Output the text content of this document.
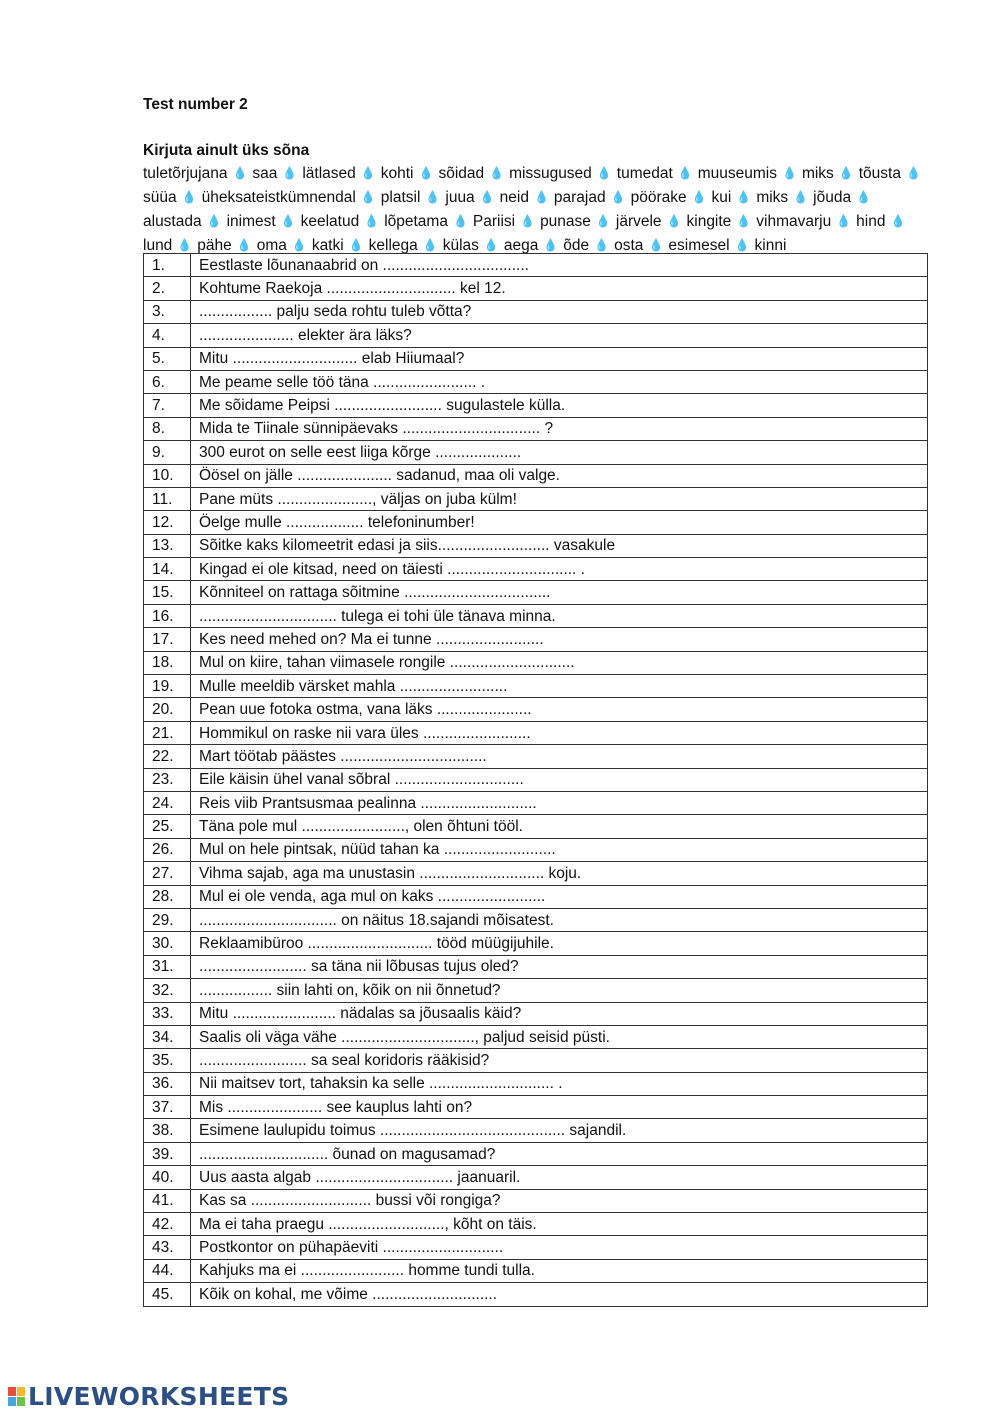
Test number 2
Kirjuta ainult üks sõna
tuletõrjujana 💧 saa 💧 lätlased 💧 kohti 💧 sõidad 💧 missugused 💧 tumedat 💧 muuseumis 💧 miks 💧 tõusta 💧
süüa 💧 üheksateistkümnendal 💧 platsil 💧 juua 💧 neid 💧 parajad 💧 pöörake 💧 kui 💧 miks 💧 jõuda 💧
alustada 💧 inimest 💧 keelatud 💧 lõpetama 💧 Pariisi 💧 punase 💧 järvele 💧 kingite 💧 vihmavarju 💧 hind 💧
lund 💧 pähe 💧 oma 💧 katki 💧 kellega 💧 külas 💧 aega 💧 õde 💧 osta 💧 esimesel 💧 kinni
1.	Eestlaste lõunanaabrid on ..................................
2.	Kohtume Raekoja .............................. kel 12.
3.	................. palju seda rohtu tuleb võtta?
4.	...................... elekter ära läks?
5.	Mitu ............................. elab Hiiumaal?
6.	Me peame selle töö täna ........................ .
7.	Me sõidame Peipsi ......................... sugulastele külla.
8.	Mida te Tiinale sünnipäevaks ................................ ?
9.	300 eurot on selle eest liiga kõrge ....................
10.	Öösel on jälle ...................... sadanud, maa oli valge.
11.	Pane müts ......................, väljas on juba külm!
12.	Öelge mulle .................. telefoninumber!
13.	Sõitke kaks kilomeetrit edasi ja siis.......................... vasakule
14.	Kingad ei ole kitsad, need on täiesti .............................. .
15.	Kõnniteel on rattaga sõitmine ..................................
16.	................................ tulega ei tohi üle tänava minna.
17.	Kes need mehed on? Ma ei tunne .........................
18.	Mul on kiire, tahan viimasele rongile .............................
19.	Mulle meeldib värsket mahla .........................
20.	Pean uue fotoka ostma, vana läks ......................
21.	Hommikul on raske nii vara üles .........................
22.	Mart töötab päästes ..................................
23.	Eile käisin ühel vanal sõbral ..............................
24.	Reis viib Prantsusmaa pealinna ...........................
25.	Täna pole mul ........................, olen õhtuni tööl.
26.	Mul on hele pintsak, nüüd tahan ka ..........................
27.	Vihma sajab, aga ma unustasin ............................. koju.
28.	Mul ei ole venda, aga mul on kaks .........................
29.	................................ on näitus 18.sajandi mõisatest.
30.	Reklaamibüroo ............................. tööd müügijuhile.
31.	......................... sa täna nii lõbusas tujus oled?
32.	................. siin lahti on, kõik on nii õnnetud?
33.	Mitu ........................ nädalas sa jõusaalis käid?
34.	Saalis oli väga vähe ..............................., paljud seisid püsti.
35.	......................... sa seal koridoris rääkisid?
36.	Nii maitsev tort, tahaksin ka selle ............................. .
37.	Mis ...................... see kauplus lahti on?
38.	Esimene laulupidu toimus ........................................... sajandil.
39.	.............................. õunad on magusamad?
40.	Uus aasta algab ................................ jaanuaril.
41.	Kas sa ............................ bussi või rongiga?
42.	Ma ei taha praegu ..........................., kõht on täis.
43.	Postkontor on pühapäeviti ............................
44.	Kahjuks ma ei ........................ homme tundi tulla.
45.	Kõik on kohal, me võime .............................
LIVEWORKSHEETS
